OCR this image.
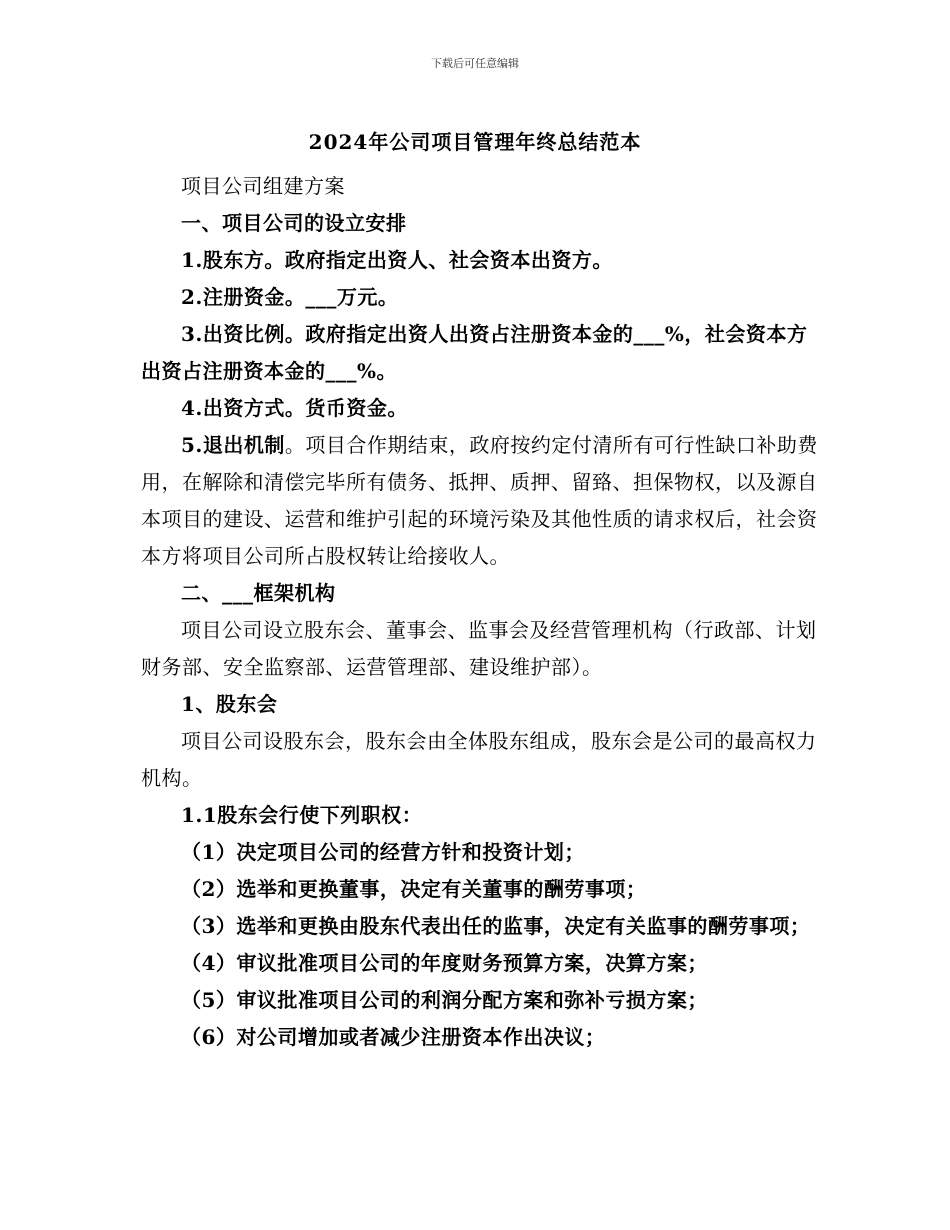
下载后可任意编辑
2024年公司项目管理年终总结范本

项目公司组建方案

一、项目公司的设立安排

1.股东方。政府指定出资人、社会资本出资方。

2.注册资金。___万元。

3.出资比例。政府指定出资人出资占注册资本金的___%，社会资本方出资占注册资本金的___%。

4.出资方式。货币资金。

5.退出机制。项目合作期结束，政府按约定付清所有可行性缺口补助费用，在解除和清偿完毕所有债务、抵押、质押、留臵、担保物权，以及源自本项目的建设、运营和维护引起的环境污染及其他性质的请求权后，社会资本方将项目公司所占股权转让给接收人。

二、___框架机构

项目公司设立股东会、董事会、监事会及经营管理机构（行政部、计划财务部、安全监察部、运营管理部、建设维护部）。

1、股东会

项目公司设股东会，股东会由全体股东组成，股东会是公司的最高权力机构。

1.1股东会行使下列职权：

（1）决定项目公司的经营方针和投资计划；

（2）选举和更换董事，决定有关董事的酬劳事项；

（3）选举和更换由股东代表出任的监事，决定有关监事的酬劳事项；

（4）审议批准项目公司的年度财务预算方案，决算方案；

（5）审议批准项目公司的利润分配方案和弥补亏损方案；

（6）对公司增加或者减少注册资本作出决议；
